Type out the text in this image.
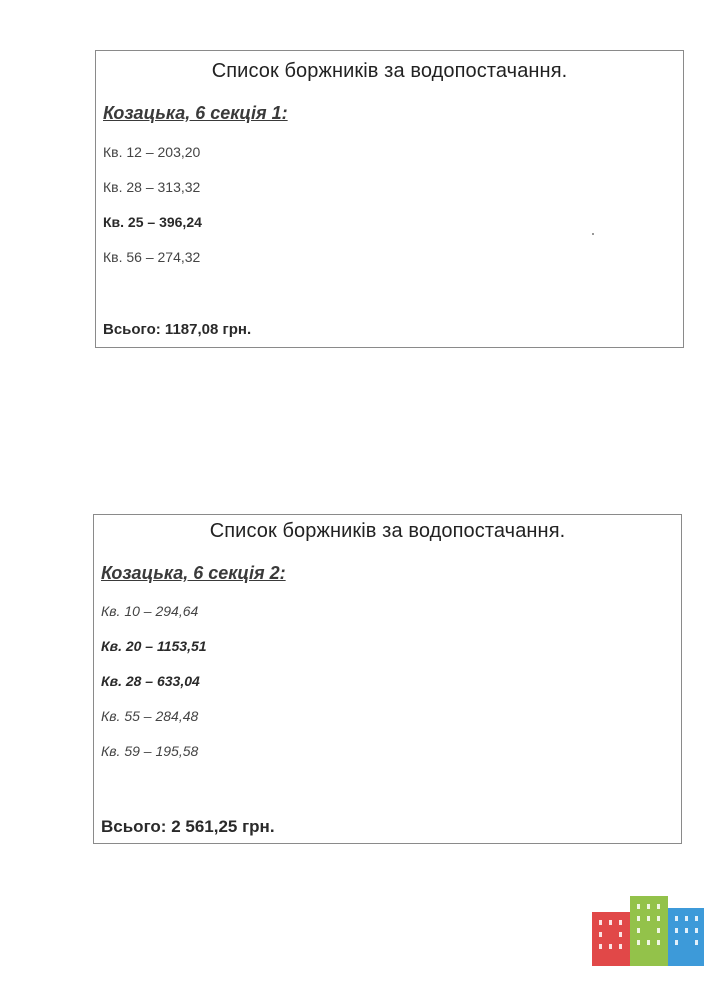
Список боржників за водопостачання.
Козацька, 6 секція 1:
Кв. 12 – 203,20
Кв. 28 – 313,32
Кв. 25 – 396,24
Кв. 56 – 274,32
Всього: 1187,08 грн.
Список боржників за водопостачання.
Козацька, 6 секція 2:
Кв. 10 – 294,64
Кв. 20 – 1153,51
Кв. 28 – 633,04
Кв. 55 – 284,48
Кв. 59 – 195,58
Всього: 2 561,25 грн.
